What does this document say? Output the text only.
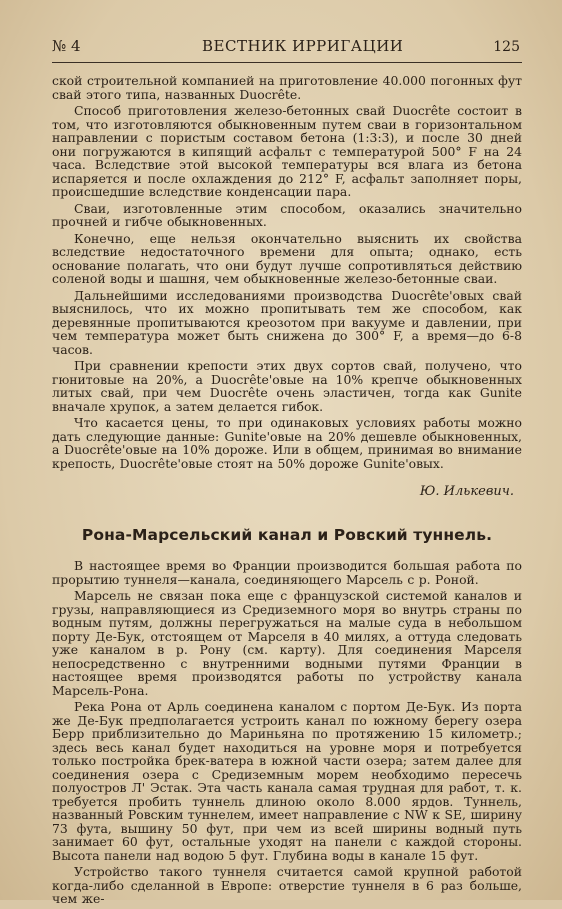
№ 4	ВЕСТНИК ИРРИГАЦИИ	125

ской строительной компанией на приготовление 40.000 погонных фут свай этого типа, названных Duocrête.

Способ приготовления железо-бетонных свай Duocrête состоит в том, что изготовляются обыкновенным путем сваи в горизонтальном направлении с пористым составом бетона (1:3:3), и после 30 дней они погружаются в кипящий асфальт с температурой 500° F на 24 часа. Вследствие этой высокой температуры вся влага из бетона испаряется и после охлаждения до 212° F, асфальт заполняет поры, происшедшие вследствие конденсации пара.

Сваи, изготовленные этим способом, оказались значительно прочней и гибче обыкновенных.

Конечно, еще нельзя окончательно выяснить их свойства вследствие недостаточного времени для опыта; однако, есть основание полагать, что они будут лучше сопротивляться действию соленой воды и шашня, чем обыкновенные железо-бетонные сваи.

Дальнейшими исследованиями производства Duocrête'овых свай выяснилось, что их можно пропитывать тем же способом, как деревянные пропитываются креозотом при вакууме и давлении, при чем температура может быть снижена до 300° F, а время—до 6-8 часов.

При сравнении крепости этих двух сортов свай, получено, что гюнитовые на 20%, а Duocrête'овые на 10% крепче обыкновенных литых свай, при чем Duocrête очень эластичен, тогда как Gunite вначале хрупок, а затем делается гибок.

Что касается цены, то при одинаковых условиях работы можно дать следующие данные: Gunite'овые на 20% дешевле обыкновенных, а Duocrête'овые на 10% дороже. Или в общем, принимая во внимание крепость, Duocrête'овые стоят на 50% дороже Gunite'овых.

Ю. Илькевич.
Рона-Марсельский канал и Ровский туннель.

В настоящее время во Франции производится большая работа по прорытию туннеля—канала, соединяющего Марсель с р. Роной.

Марсель не связан пока еще с французской системой каналов и грузы, направляющиеся из Средиземного моря во внутрь страны по водным путям, должны перегружаться на малые суда в небольшом порту Де-Бук, отстоящем от Марселя в 40 милях, а оттуда следовать уже каналом в р. Рону (см. карту). Для соединения Марселя непосредственно с внутренними водными путями Франции в настоящее время производятся работы по устройству канала Марсель-Рона.

Река Рона от Арль соединена каналом с портом Де-Бук. Из порта же Де-Бук предполагается устроить канал по южному берегу озера Берр приблизительно до Мариньяна по протяжению 15 километр.; здесь весь канал будет находиться на уровне моря и потребуется только постройка брек-ватера в южной части озера; затем далее для соединения озера с Средиземным морем необходимо пересечь полуостров Л' Эстак. Эта часть канала самая трудная для работ, т. к. требуется пробить туннель длиною около 8.000 ярдов. Туннель, названный Ровским туннелем, имеет направление с NW к SE, ширину 73 фута, вышину 50 фут, при чем из всей ширины водный путь занимает 60 фут, остальные уходят на панели с каждой стороны. Высота панели над водою 5 фут. Глубина воды в канале 15 фут.

Устройство такого туннеля считается самой крупной работой когда-либо сделанной в Европе: отверстие туннеля в 6 раз больше, чем же-
